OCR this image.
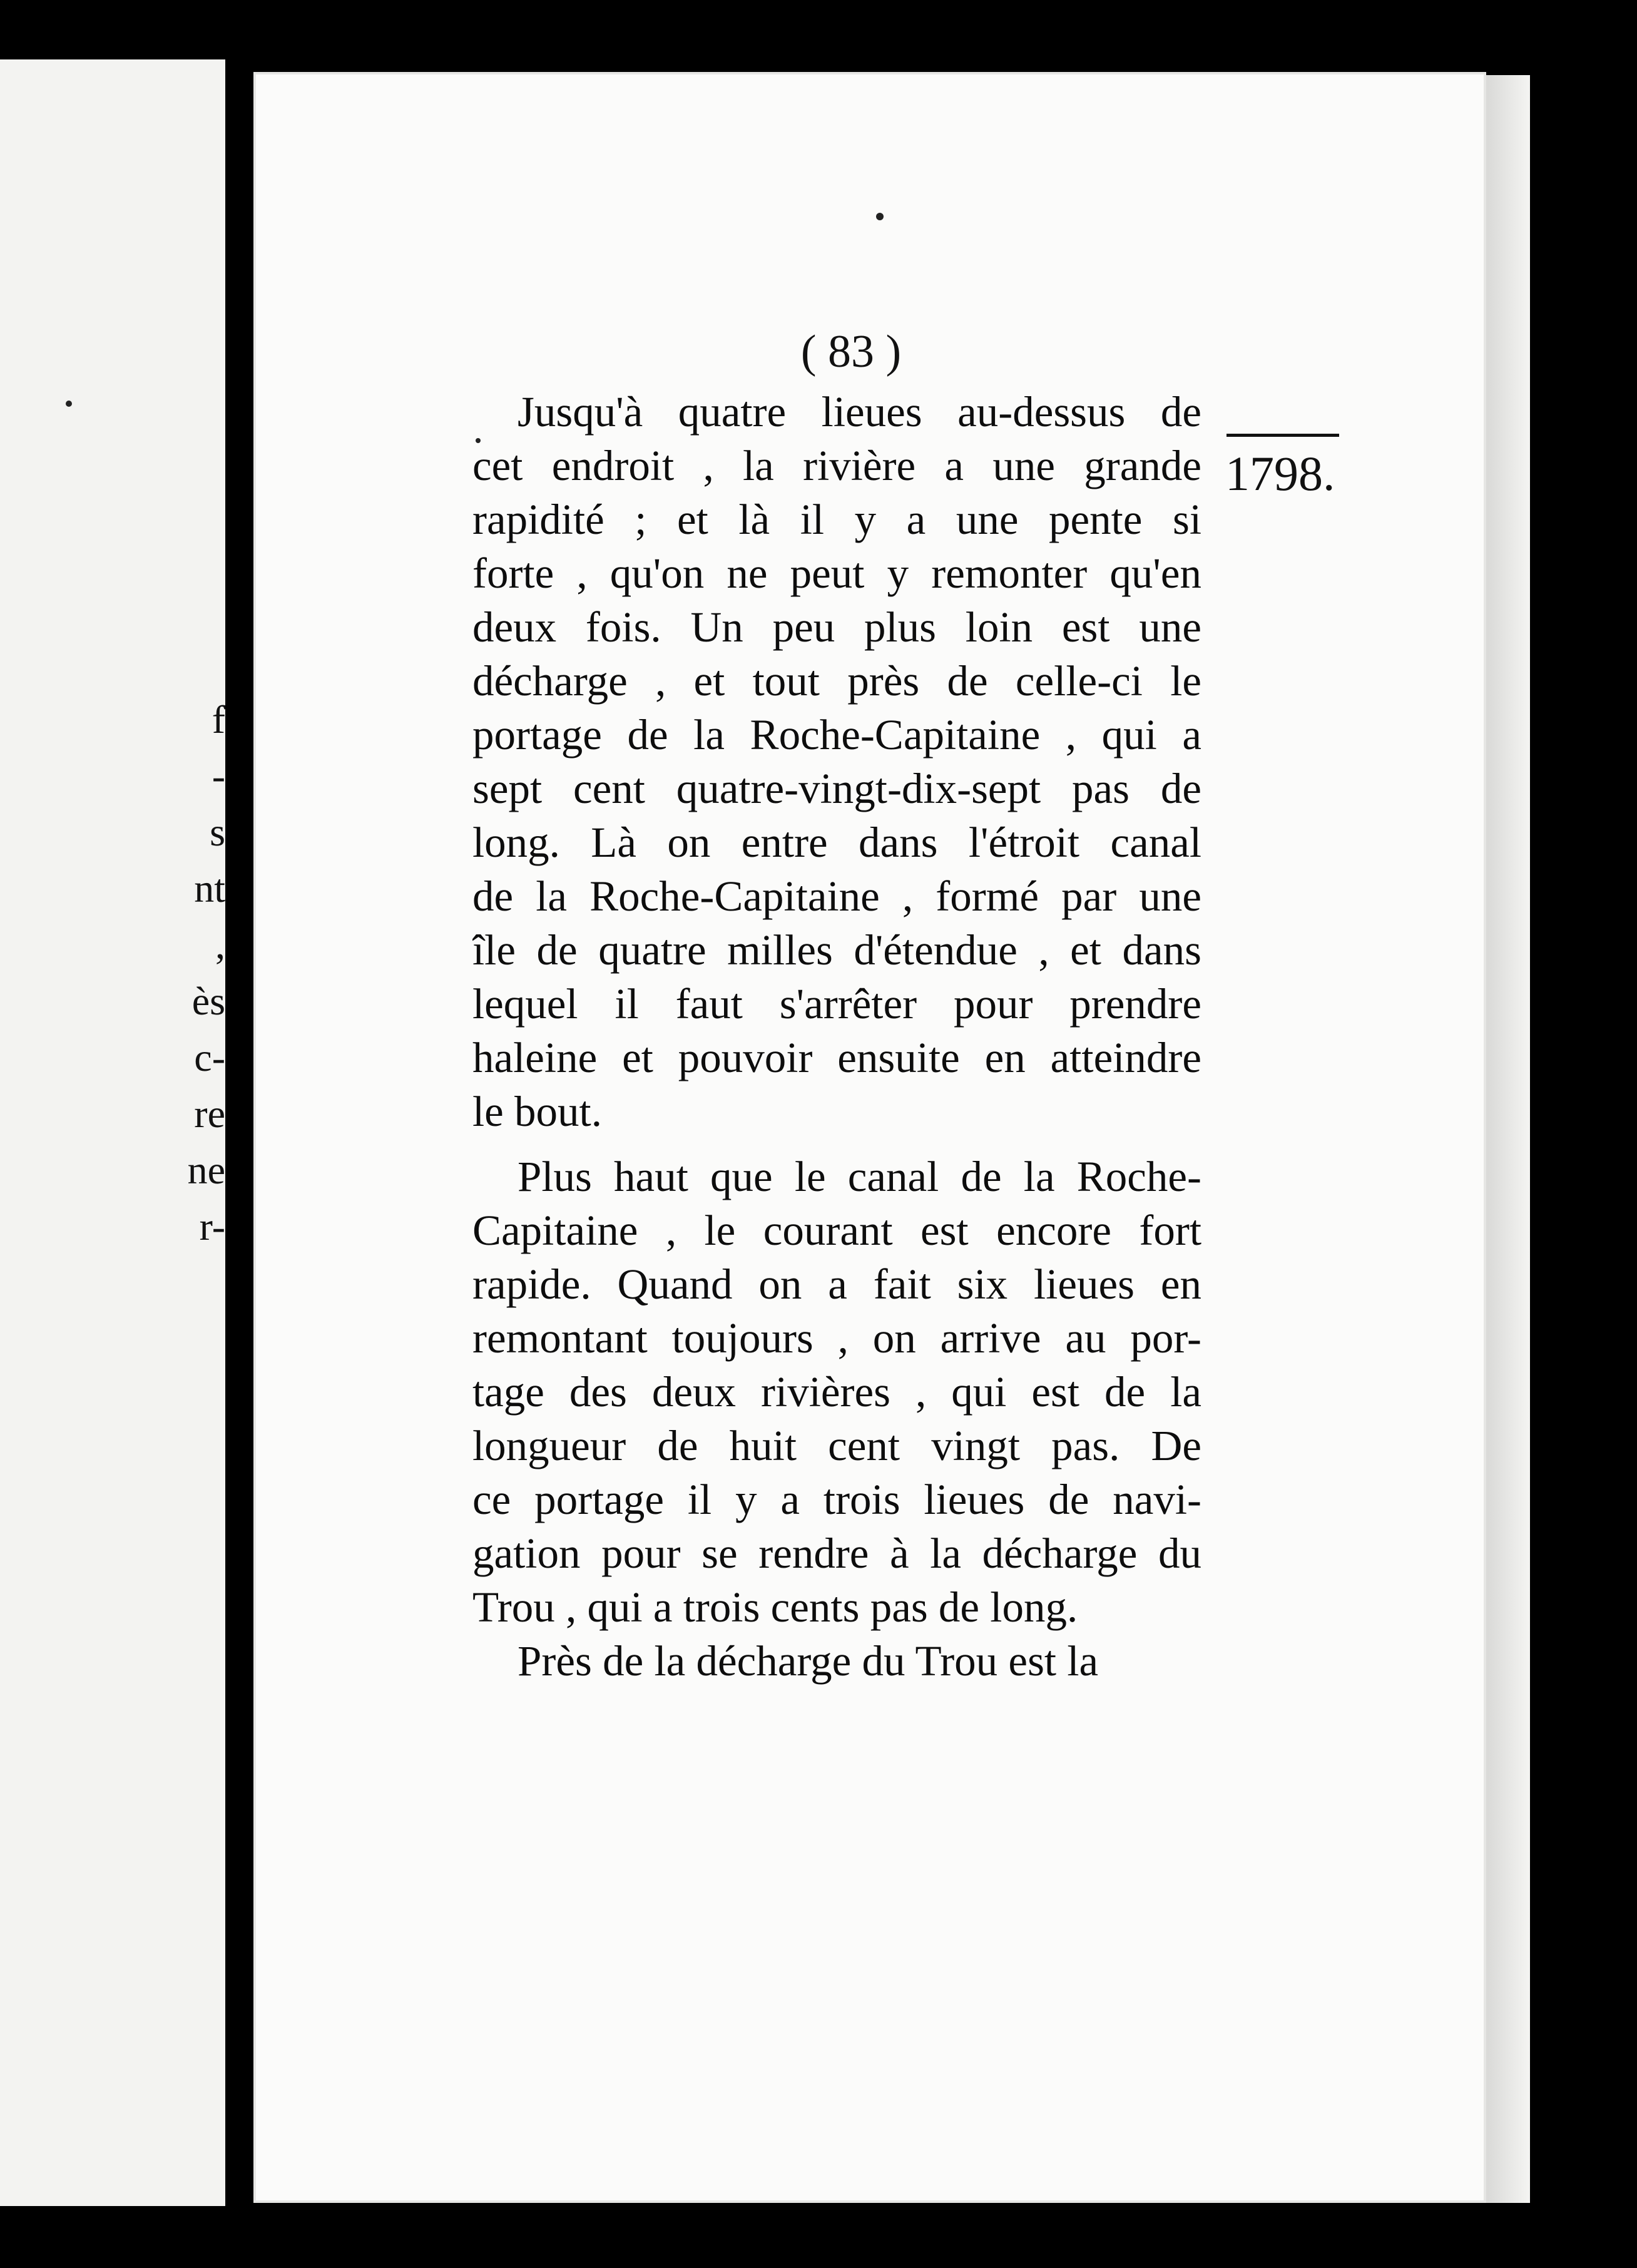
f
-
s
nt
,
ès
c-
re
ne
r-
( 83 )
1798.
Jusqu'à quatre lieues au-dessus de
cet endroit , la rivière a une grande
rapidité ; et là il y a une pente si
forte , qu'on ne peut y remonter qu'en
deux fois. Un peu plus loin est une
décharge , et tout près de celle-ci le
portage de la Roche-Capitaine , qui a
sept cent quatre-vingt-dix-sept pas de
long. Là on entre dans l'étroit canal
de la Roche-Capitaine , formé par une
île de quatre milles d'étendue , et dans
lequel il faut s'arrêter pour prendre
haleine et pouvoir ensuite en atteindre
le bout.
Plus haut que le canal de la Roche-
Capitaine , le courant est encore fort
rapide. Quand on a fait six lieues en
remontant toujours , on arrive au por-
tage des deux rivières , qui est de la
longueur de huit cent vingt pas. De
ce portage il y a trois lieues de navi-
gation pour se rendre à la décharge du
Trou , qui a trois cents pas de long.
Près de la décharge du Trou est la
